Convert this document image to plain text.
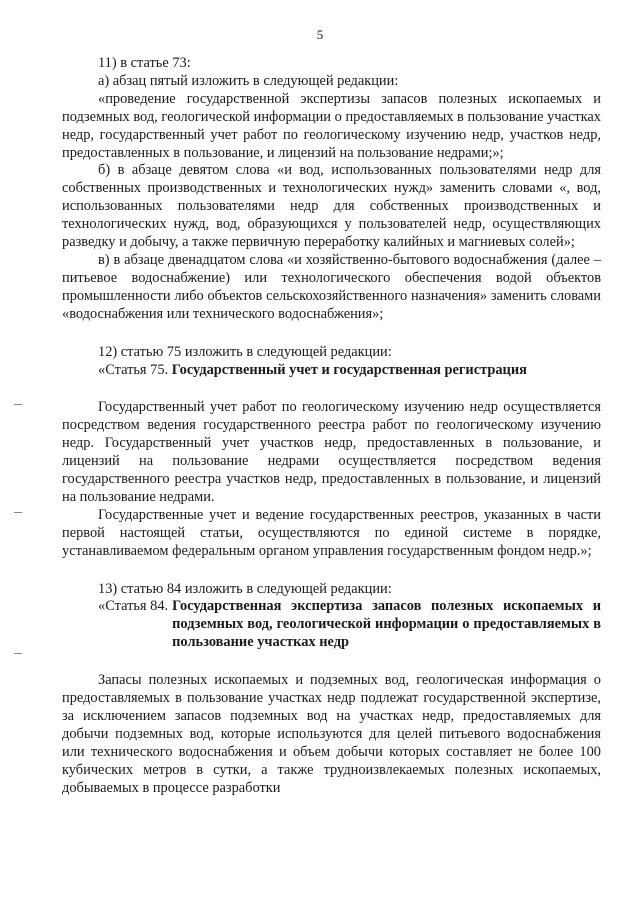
5

11) в статье 73:

а) абзац пятый изложить в следующей редакции:

«проведение государственной экспертизы запасов полезных ископаемых и подземных вод, геологической информации о предоставляемых в пользование участках недр, государственный учет работ по геологическому изучению недр, участков недр, предоставленных в пользование, и лицензий на пользование недрами;»;

б) в абзаце девятом слова «и вод, использованных пользователями недр для собственных производственных и технологических нужд» заменить словами «, вод, использованных пользователями недр для собственных производственных и технологических нужд, вод, образующихся у пользователей недр, осуществляющих разведку и добычу, а также первичную переработку калийных и магниевых солей»;

в) в абзаце двенадцатом слова «и хозяйственно-бытового водоснабжения (далее – питьевое водоснабжение) или технологического обеспечения водой объектов промышленности либо объектов сельскохозяйственного назначения» заменить словами «водоснабжения или технического водоснабжения»;

12) статью 75 изложить в следующей редакции:

«Статья 75. Государственный учет и государственная регистрация

Государственный учет работ по геологическому изучению недр осуществляется посредством ведения государственного реестра работ по геологическому изучению недр. Государственный учет участков недр, предоставленных в пользование, и лицензий на пользование недрами осуществляется посредством ведения государственного реестра участков недр, предоставленных в пользование, и лицензий на пользование недрами.

Государственные учет и ведение государственных реестров, указанных в части первой настоящей статьи, осуществляются по единой системе в порядке, устанавливаемом федеральным органом управления государственным фондом недр.»;

13) статью 84 изложить в следующей редакции:

«Статья 84. Государственная экспертиза запасов полезных ископаемых и подземных вод, геологической информации о предоставляемых в пользование участках недр

Запасы полезных ископаемых и подземных вод, геологическая информация о предоставляемых в пользование участках недр подлежат государственной экспертизе, за исключением запасов подземных вод на участках недр, предоставляемых для добычи подземных вод, которые используются для целей питьевого водоснабжения или технического водоснабжения и объем добычи которых составляет не более 100 кубических метров в сутки, а также трудноизвлекаемых полезных ископаемых, добываемых в процессе разработки
